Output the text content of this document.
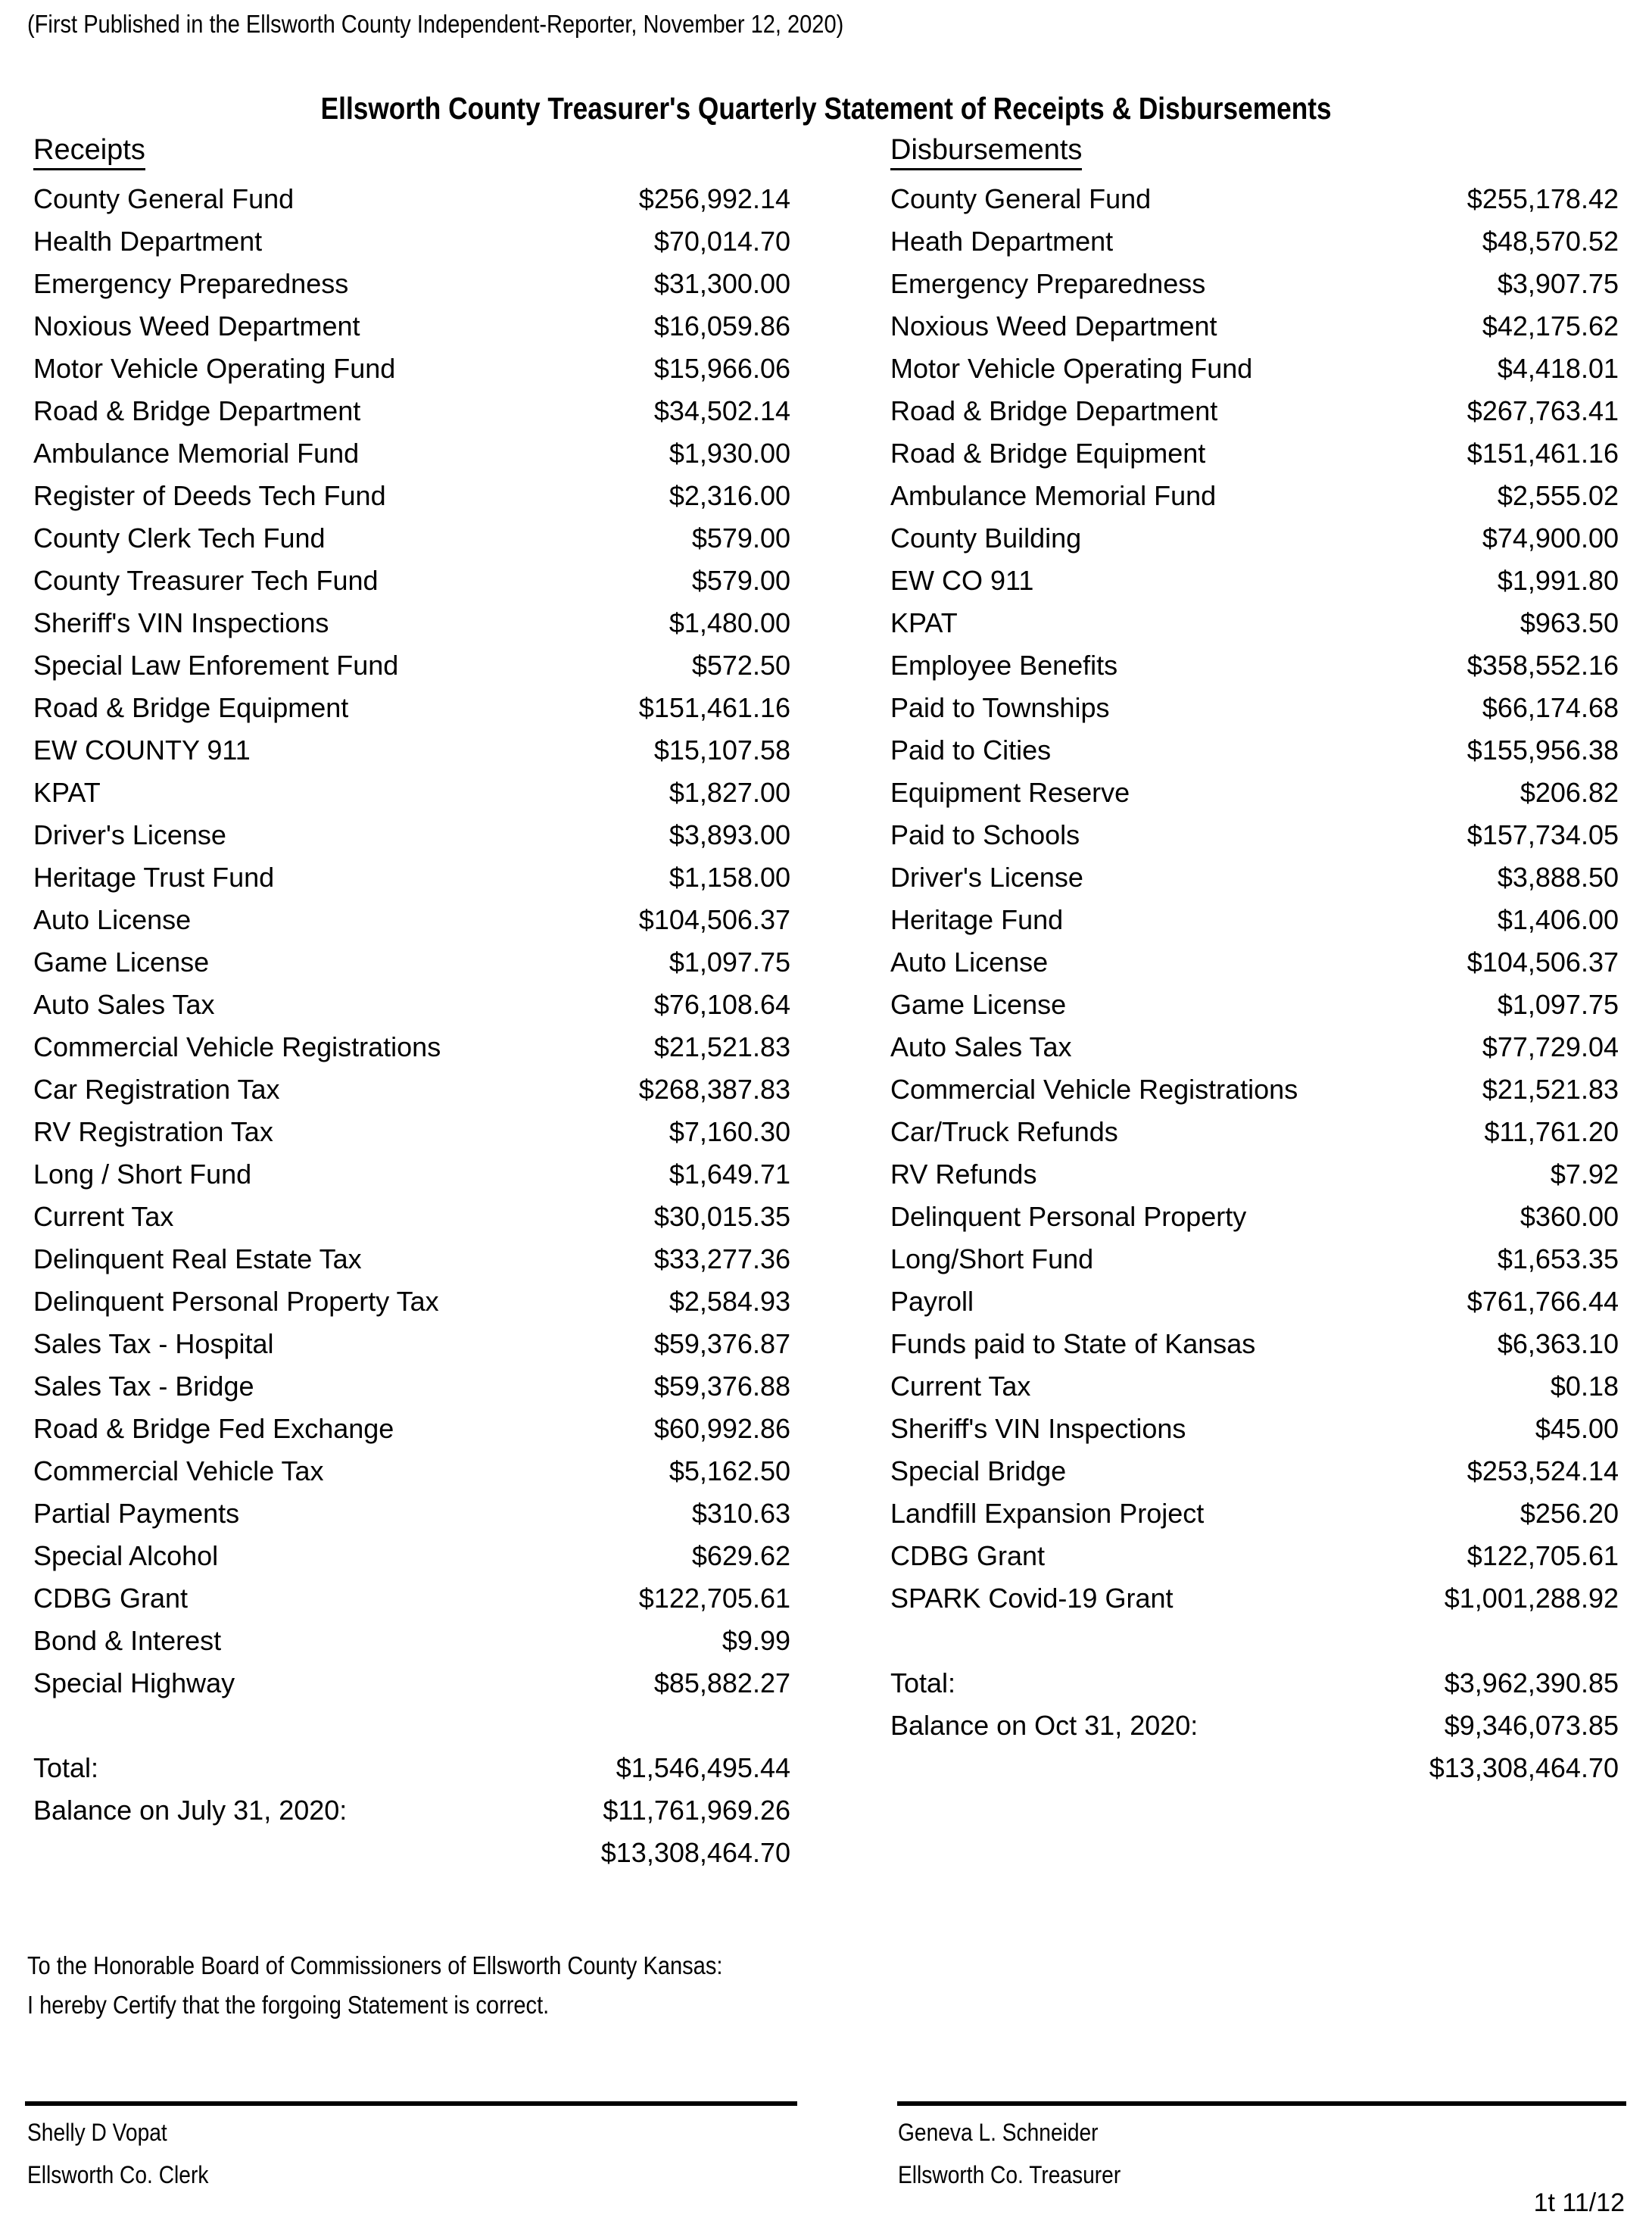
(First Published in the Ellsworth County Independent-Reporter, November 12, 2020)
Ellsworth County Treasurer's Quarterly Statement of Receipts & Disbursements
Receipts
County General Fund	$256,992.14
Health Department	$70,014.70
Emergency Preparedness	$31,300.00
Noxious Weed Department	$16,059.86
Motor Vehicle Operating Fund	$15,966.06
Road & Bridge Department	$34,502.14
Ambulance Memorial Fund	$1,930.00
Register of Deeds Tech Fund	$2,316.00
County Clerk Tech Fund	$579.00
County Treasurer Tech Fund	$579.00
Sheriff's VIN Inspections	$1,480.00
Special Law Enforement Fund	$572.50
Road & Bridge Equipment	$151,461.16
EW COUNTY 911	$15,107.58
KPAT	$1,827.00
Driver's License	$3,893.00
Heritage Trust Fund	$1,158.00
Auto License	$104,506.37
Game License	$1,097.75
Auto Sales Tax	$76,108.64
Commercial Vehicle Registrations	$21,521.83
Car Registration Tax	$268,387.83
RV Registration Tax	$7,160.30
Long / Short Fund	$1,649.71
Current Tax	$30,015.35
Delinquent Real Estate Tax	$33,277.36
Delinquent Personal Property Tax	$2,584.93
Sales Tax - Hospital	$59,376.87
Sales Tax - Bridge	$59,376.88
Road & Bridge Fed Exchange	$60,992.86
Commercial Vehicle Tax	$5,162.50
Partial Payments	$310.63
Special Alcohol	$629.62
CDBG Grant	$122,705.61
Bond & Interest	$9.99
Special Highway	$85,882.27
Total:	$1,546,495.44
Balance on July 31, 2020:	$11,761,969.26
$13,308,464.70
Disbursements
County General Fund	$255,178.42
Heath Department	$48,570.52
Emergency Preparedness	$3,907.75
Noxious Weed Department	$42,175.62
Motor Vehicle Operating Fund	$4,418.01
Road & Bridge Department	$267,763.41
Road & Bridge Equipment	$151,461.16
Ambulance Memorial Fund	$2,555.02
County Building	$74,900.00
EW CO 911	$1,991.80
KPAT	$963.50
Employee Benefits	$358,552.16
Paid to Townships	$66,174.68
Paid to Cities	$155,956.38
Equipment Reserve	$206.82
Paid to Schools	$157,734.05
Driver's License	$3,888.50
Heritage Fund	$1,406.00
Auto License	$104,506.37
Game License	$1,097.75
Auto Sales Tax	$77,729.04
Commercial Vehicle Registrations	$21,521.83
Car/Truck Refunds	$11,761.20
RV Refunds	$7.92
Delinquent Personal Property	$360.00
Long/Short Fund	$1,653.35
Payroll	$761,766.44
Funds paid to State of Kansas	$6,363.10
Current Tax	$0.18
Sheriff's VIN Inspections	$45.00
Special Bridge	$253,524.14
Landfill Expansion Project	$256.20
CDBG Grant	$122,705.61
SPARK Covid-19 Grant	$1,001,288.92
Total:	$3,962,390.85
Balance on Oct 31, 2020:	$9,346,073.85
$13,308,464.70
To the Honorable Board of Commissioners of Ellsworth County Kansas:
I hereby Certify that the forgoing Statement is correct.
Shelly D Vopat
Ellsworth Co. Clerk
Geneva L. Schneider
Ellsworth Co. Treasurer
1t 11/12
